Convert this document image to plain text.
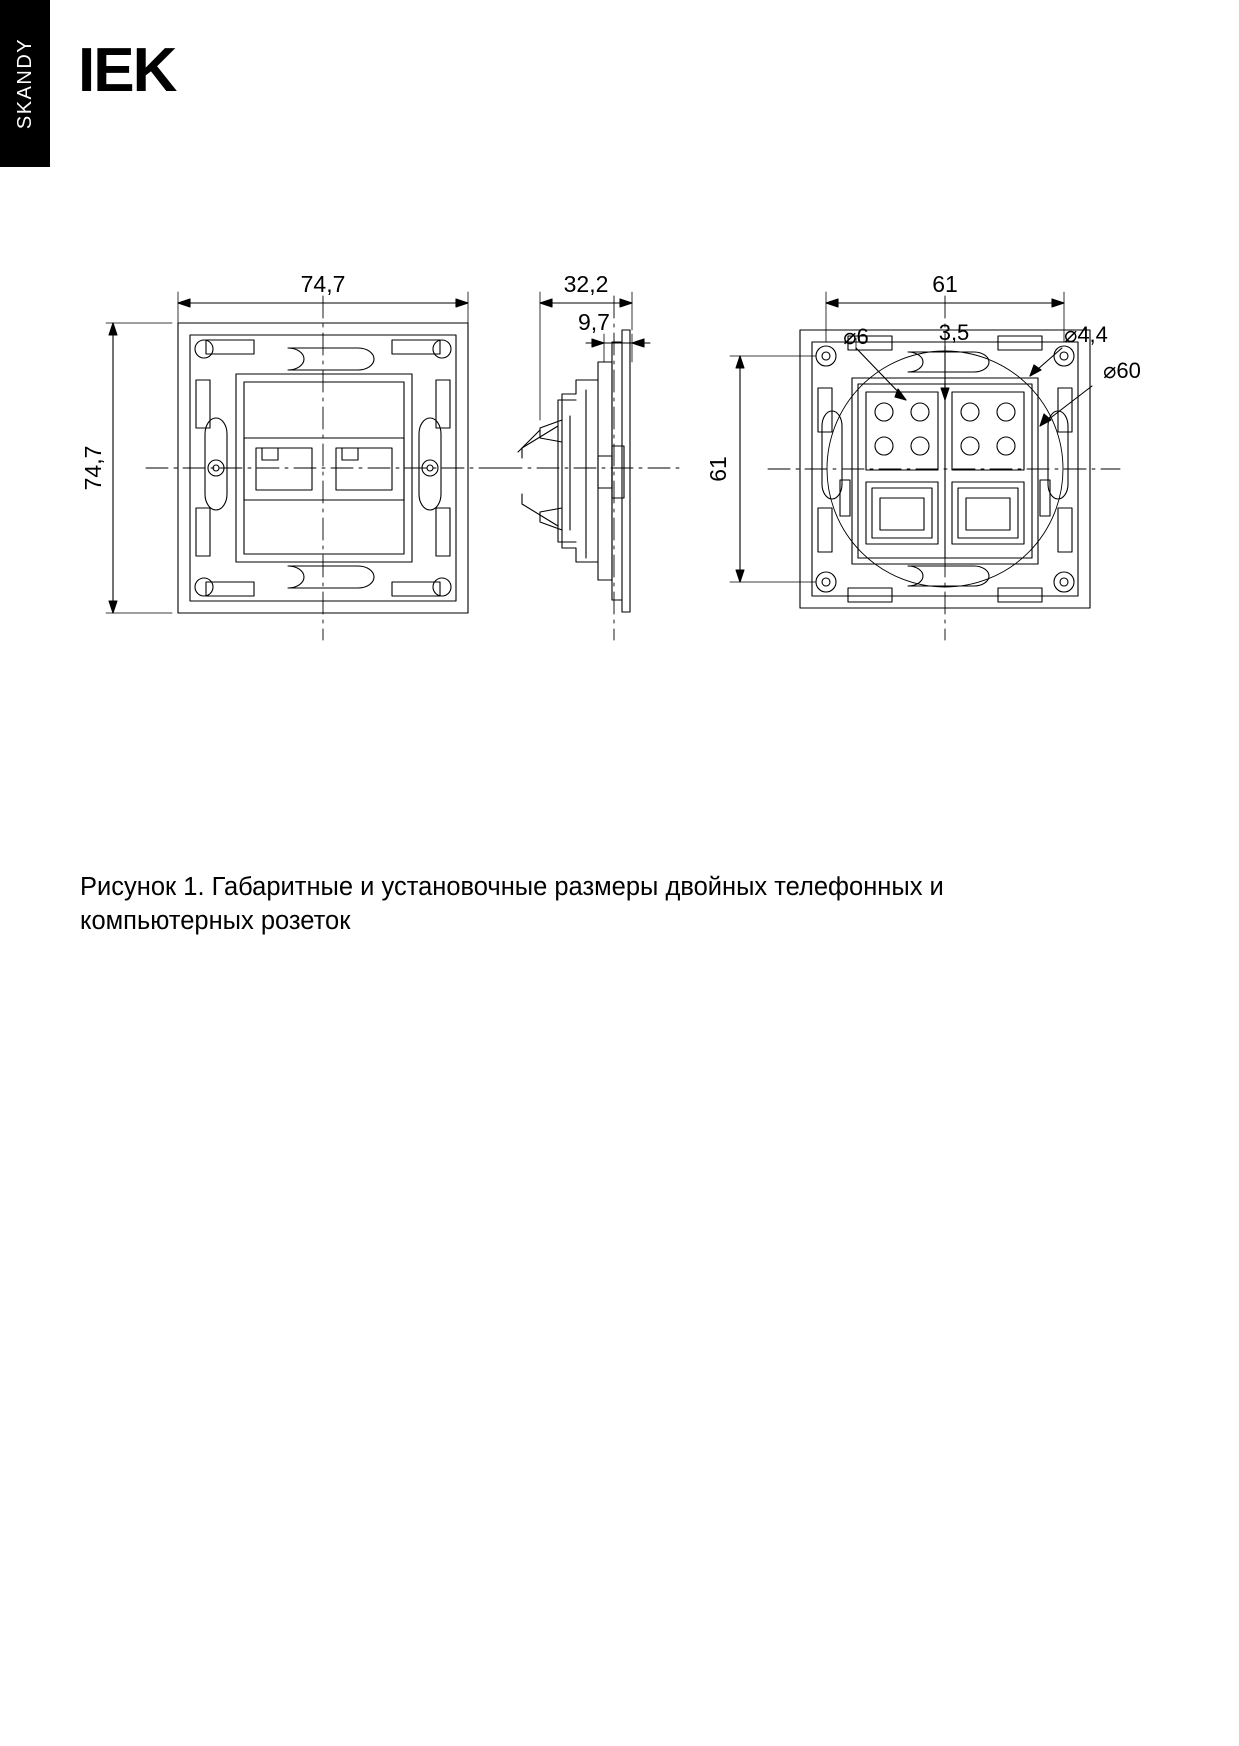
SKANDY IEK
74,7
74,7
32,2
9,7
61
61
⌀6	3,5	⌀4,4
⌀60
Рисунок 1. Габаритные и установочные размеры двойных телефонных и компьютерных розеток
